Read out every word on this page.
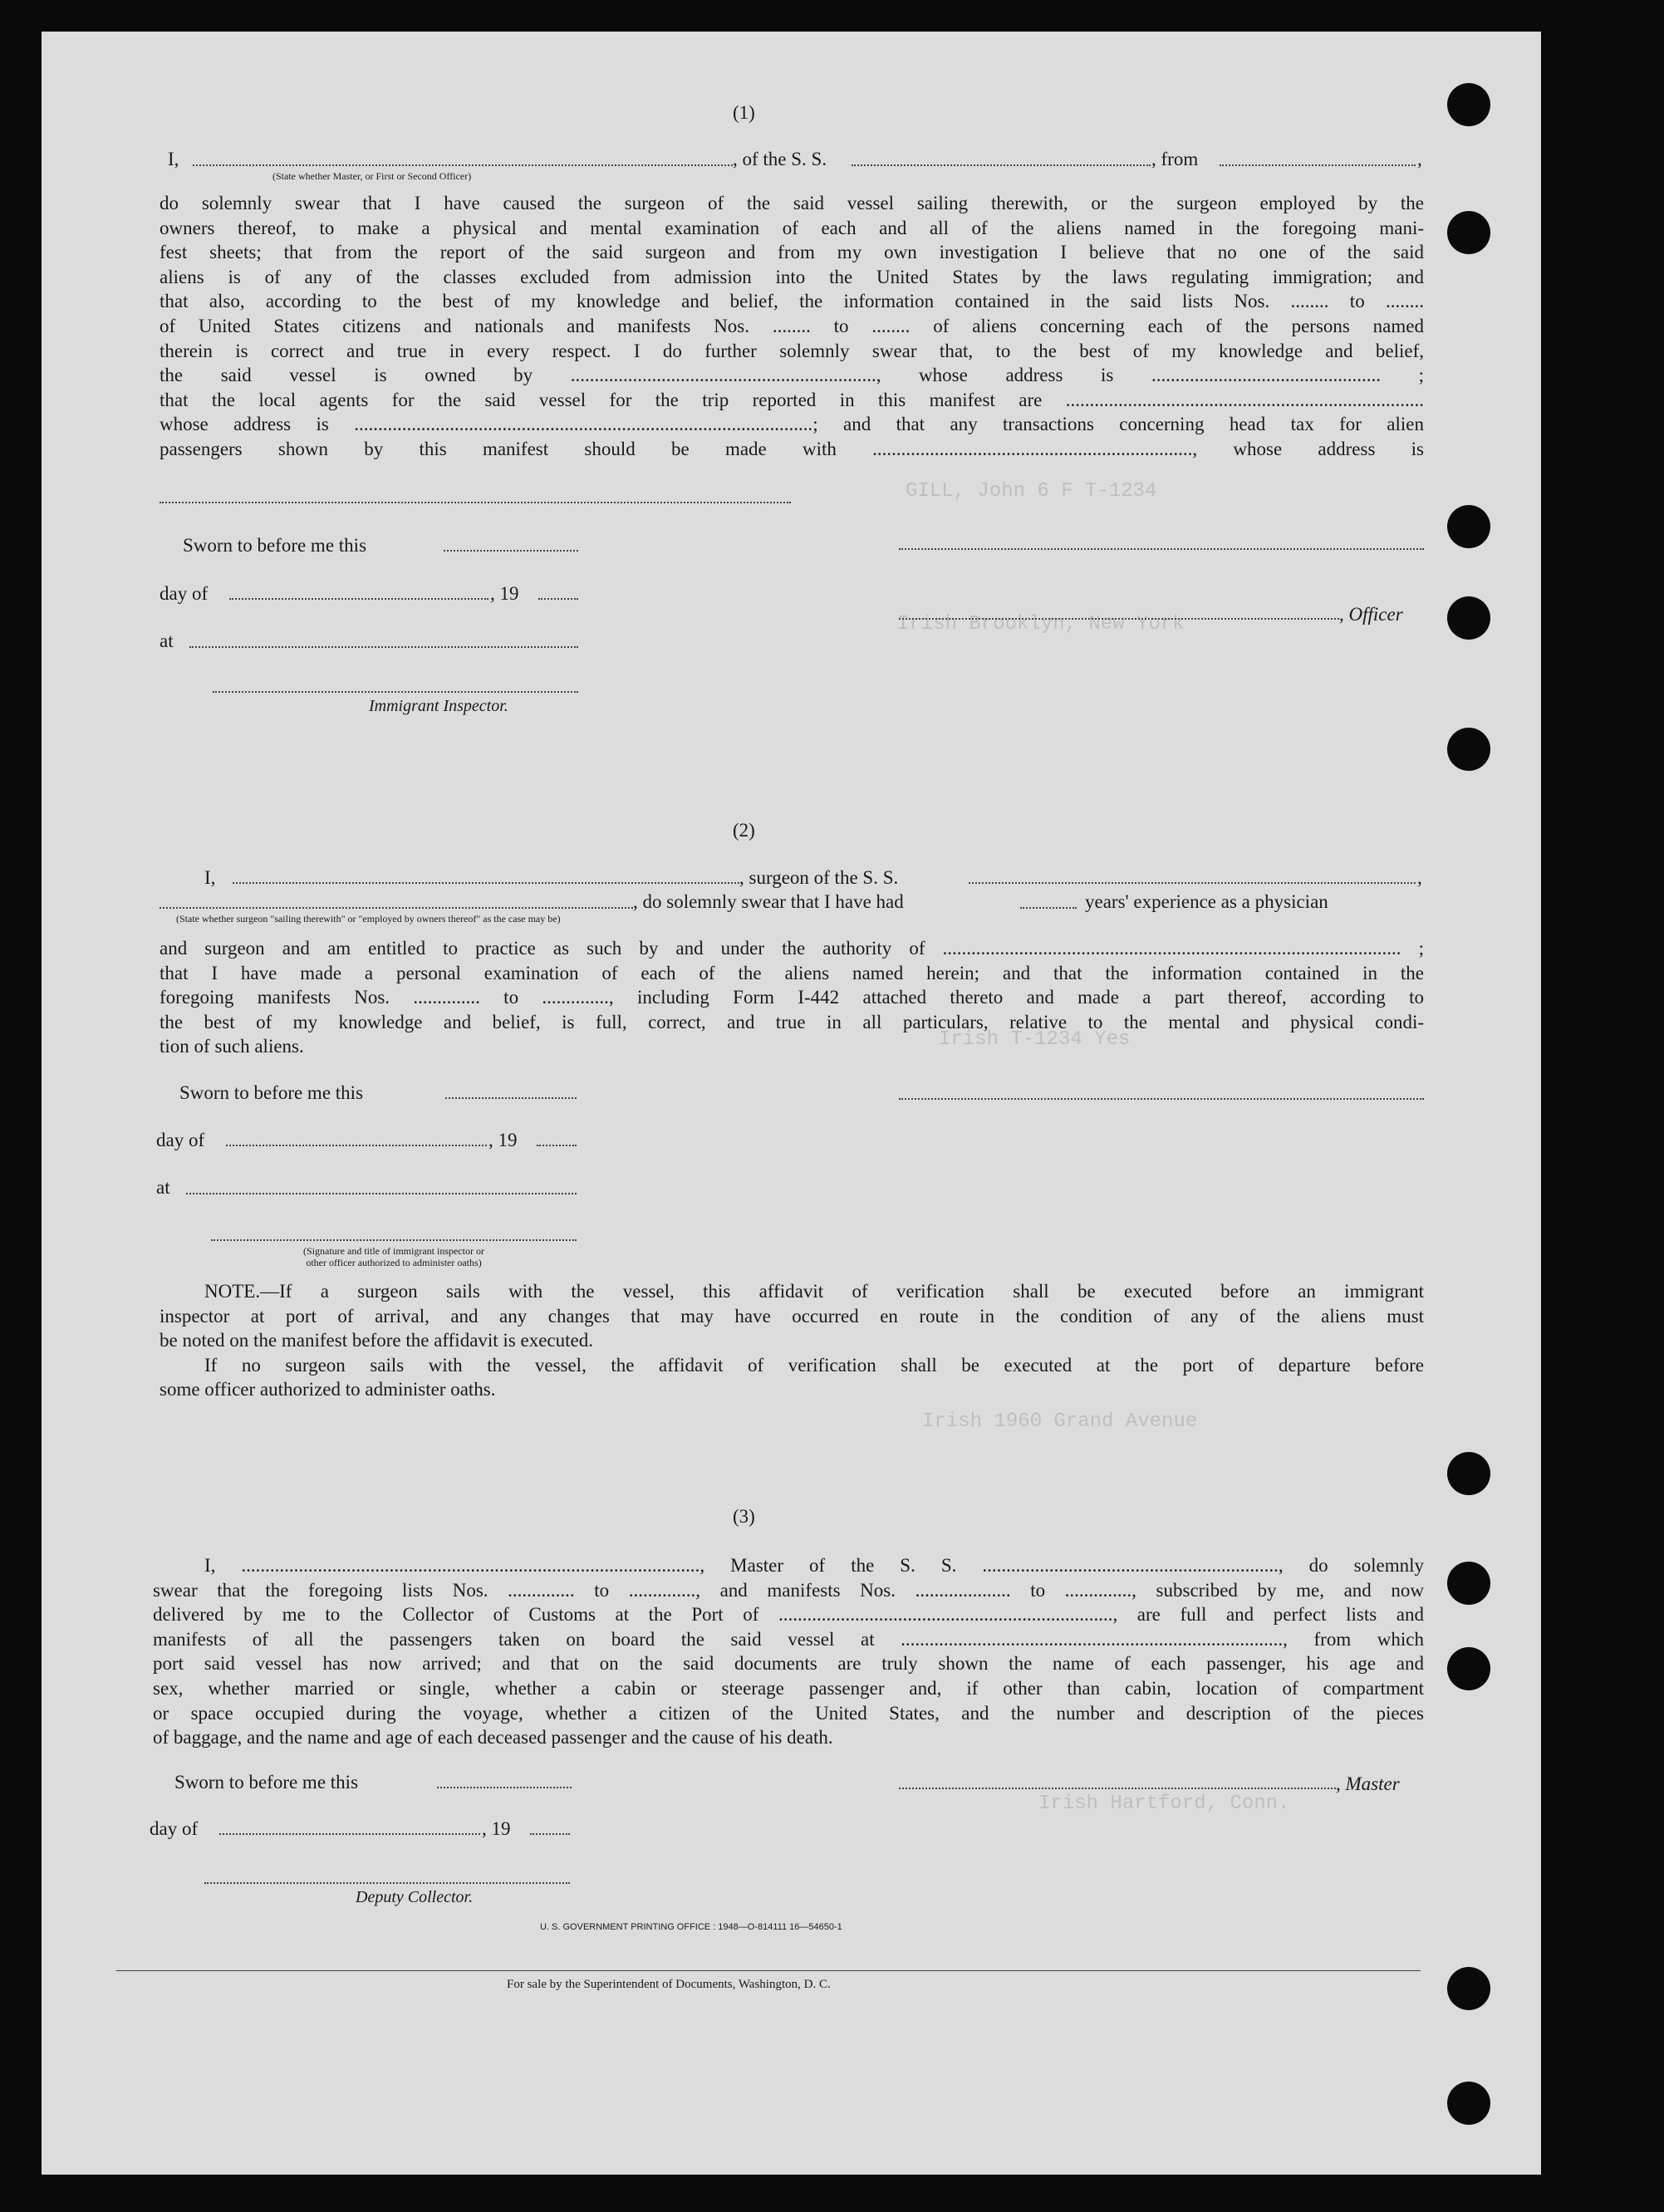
GILL, John 6 F T-1234
Irish Brooklyn, New York
Irish T-1234 Yes
Irish 1960 Grand Avenue
Irish Hartford, Conn.
(1)
I,	, of the S. S.	, from	,
(State whether Master, or First or Second Officer)
do solemnly swear that I have caused the surgeon of the said vessel sailing therewith, or the surgeon employed by the
owners thereof, to make a physical and mental examination of each and all of the aliens named in the foregoing mani-
fest sheets; that from the report of the said surgeon and from my own investigation I believe that no one of the said
aliens is of any of the classes excluded from admission into the United States by the laws regulating immigration; and
that also, according to the best of my knowledge and belief, the information contained in the said lists Nos. ........ to ........
of United States citizens and nationals and manifests Nos. ........ to ........ of aliens concerning each of the persons named
therein is correct and true in every respect. I do further solemnly swear that, to the best of my knowledge and belief,
the said vessel is owned by ................................................................, whose address is ................................................ ;
that the local agents for the said vessel for the trip reported in this manifest are ...........................................................................
whose address is ................................................................................................; and that any transactions concerning head tax for alien
passengers shown by this manifest should be made with ..................................................................., whose address is
Sworn to before me this
day of	, 19
, Officer
at
Immigrant Inspector.
(2)
I,	, surgeon of the S. S.	,
, do solemnly swear that I have had	years' experience as a physician
(State whether surgeon "sailing therewith" or "employed by owners thereof" as the case may be)
and surgeon and am entitled to practice as such by and under the authority of ................................................................................................ ;
that I have made a personal examination of each of the aliens named herein; and that the information contained in the
foregoing manifests Nos. .............. to .............., including Form I-442 attached thereto and made a part thereof, according to
the best of my knowledge and belief, is full, correct, and true in all particulars, relative to the mental and physical condi-
tion of such aliens.
Sworn to before me this
day of	, 19
at
(Signature and title of immigrant inspector or
other officer authorized to administer oaths)
NOTE.—If a surgeon sails with the vessel, this affidavit of verification shall be executed before an immigrant
inspector at port of arrival, and any changes that may have occurred en route in the condition of any of the aliens must
be noted on the manifest before the affidavit is executed.
If no surgeon sails with the vessel, the affidavit of verification shall be executed at the port of departure before
some officer authorized to administer oaths.
(3)
I, ................................................................................................, Master of the S. S. .............................................................., do solemnly
swear that the foregoing lists Nos. .............. to .............., and manifests Nos. .................... to .............., subscribed by me, and now
delivered by me to the Collector of Customs at the Port of ......................................................................, are full and perfect lists and
manifests of all the passengers taken on board the said vessel at ................................................................................, from which
port said vessel has now arrived; and that on the said documents are truly shown the name of each passenger, his age and
sex, whether married or single, whether a cabin or steerage passenger and, if other than cabin, location of compartment
or space occupied during the voyage, whether a citizen of the United States, and the number and description of the pieces
of baggage, and the name and age of each deceased passenger and the cause of his death.
Sworn to before me this	, Master
day of	, 19
Deputy Collector.
U. S. GOVERNMENT PRINTING OFFICE : 1948—O-814111 16—54650-1
For sale by the Superintendent of Documents, Washington, D. C.
